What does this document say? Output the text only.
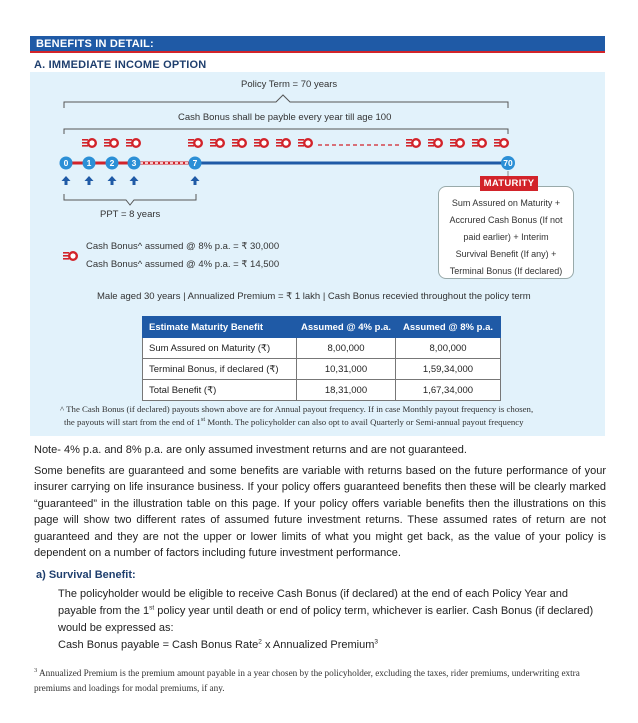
BENEFITS IN DETAIL:
A. IMMEDIATE INCOME OPTION
Policy Term = 70 years
Cash Bonus shall be payble every year till age 100
0 1 2 3	7	70
PPT = 8 years
Sum Assured on Maturity +
Accrured Cash Bonus (If not
paid earlier) + Interim
Survival Benefit (If any) +
Terminal Bonus (If declared)
MATURITY
Cash Bonus^ assumed @ 8% p.a. = ₹ 30,000
Cash Bonus^ assumed @ 4% p.a. = ₹ 14,500
Male aged 30 years | Annualized Premium = ₹ 1 lakh | Cash Bonus recevied throughout the policy term
Estimate Maturity Benefit	Assumed @ 4% p.a.	Assumed @ 8% p.a.
Sum Assured on Maturity (₹)	8,00,000	8,00,000
Terminal Bonus, if declared (₹)	10,31,000	1,59,34,000
Total Benefit (₹)	18,31,000	1,67,34,000
^ The Cash Bonus (if declared) payouts shown above are for Annual payout frequency. If in case Monthly payout frequency is chosen,
the payouts will start from the end of 1st Month. The policyholder can also opt to avail Quarterly or Semi-annual payout frequency
Note- 4% p.a. and 8% p.a. are only assumed investment returns and are not guaranteed.
Some benefits are guaranteed and some benefits are variable with returns based on the future performance of your insurer carrying on life insurance business. If your policy offers guaranteed benefits then these will be clearly marked “guaranteed” in the illustration table on this page. If your policy offers variable benefits then the illustrations on this page will show two different rates of assumed future investment returns. These assumed rates of return are not guaranteed and they are not the upper or lower limits of what you might get back, as the value of your policy is dependent on a number of factors including future investment performance.
a) Survival Benefit:
The policyholder would be eligible to receive Cash Bonus (if declared) at the end of each Policy Year and payable from the 1st policy year until death or end of policy term, whichever is earlier. Cash Bonus (if declared) would be expressed as:
Cash Bonus payable = Cash Bonus Rate$^2$ x Annualized Premium$^3$
$^3$ Annualized Premium is the premium amount payable in a year chosen by the policyholder, excluding the taxes, rider premiums, underwriting extra premiums and loadings for modal premiums, if any.
